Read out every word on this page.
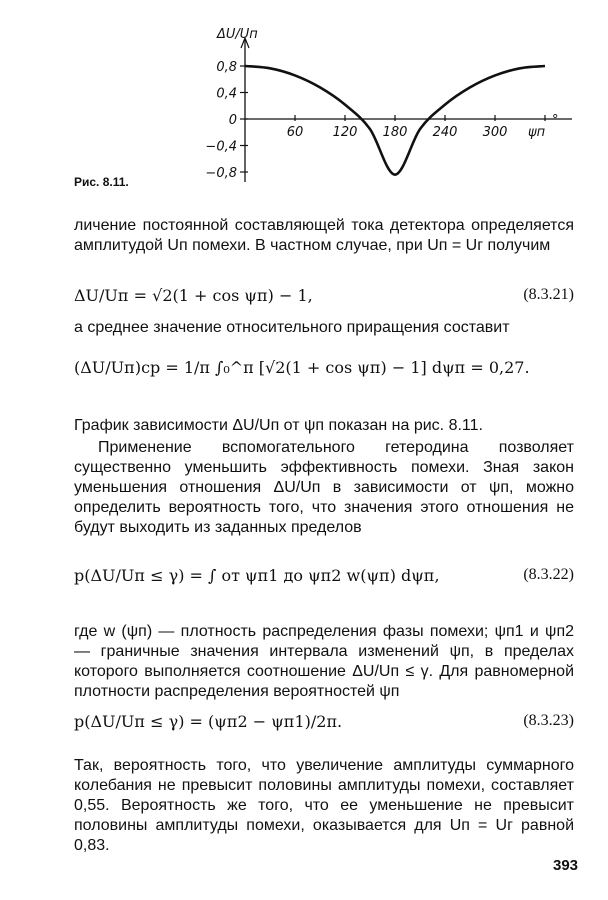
0,8
0,4
0
−0,4
−0,8
60 120 180 240 300
ΔU/Uп
ψп
°
Рис. 8.11.

личение постоянной составляющей тока детектора определяется амплитудой Uп помехи. В частном случае, при Uп = Uг получим

ΔU/Uп = √2(1 + cos ψп) − 1,	(8.3.21)

а среднее значение относительного приращения составит

(ΔU/Uп)ср = 1/π ∫₀^π [√2(1 + cos ψп) − 1] dψп = 0,27.

График зависимости ΔU/Uп от ψп показан на рис. 8.11.

Применение вспомогательного гетеродина позволяет существенно уменьшить эффективность помехи. Зная закон уменьшения отношения ΔU/Uп в зависимости от ψп, можно определить вероятность того, что значения этого отношения не будут выходить из заданных пределов

p(ΔU/Uп ≤ γ) = ∫ от ψп1 до ψп2 w(ψп) dψп,	(8.3.22)

где w (ψп) — плотность распределения фазы помехи; ψп1 и ψп2 — граничные значения интервала изменений ψп, в пределах которого выполняется соотношение ΔU/Uп ≤ γ. Для равномерной плотности распределения вероятностей ψп

p(ΔU/Uп ≤ γ) = (ψп2 − ψп1)/2π.	(8.3.23)

Так, вероятность того, что увеличение амплитуды суммарного колебания не превысит половины амплитуды помехи, составляет 0,55. Вероятность же того, что ее уменьшение не превысит половины амплитуды помехи, оказывается для Uп = Uг равной 0,83.

393
